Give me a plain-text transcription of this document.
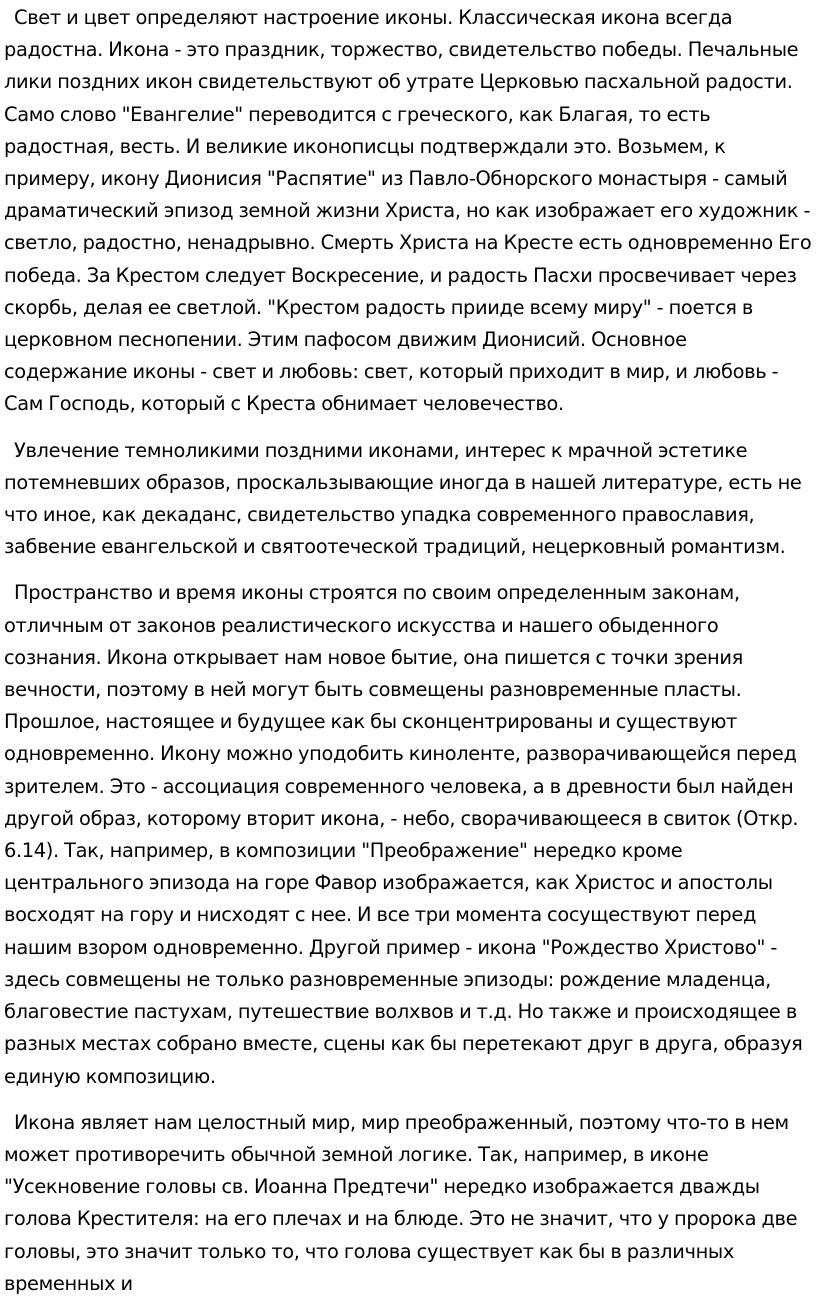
Свет и цвет определяют настроение иконы. Классическая икона всегда радостна. Икона - это праздник, торжество, свидетельство победы. Печальные лики поздних икон свидетельствуют об утрате Церковью пасхальной радости. Само слово "Евангелие" переводится с греческого, как Благая, то есть радостная, весть. И великие иконописцы подтверждали это. Возьмем, к примеру, икону Дионисия "Распятие" из Павло-Обнорского монастыря - самый драматический эпизод земной жизни Христа, но как изображает его художник - светло, радостно, ненадрывно. Смерть Христа на Кресте есть одновременно Его победа. За Крестом следует Воскресение, и радость Пасхи просвечивает через скорбь, делая ее светлой. "Крестом радость прииде всему миру" - поется в церковном песнопении. Этим пафосом движим Дионисий. Основное содержание иконы - свет и любовь: свет, который приходит в мир, и любовь - Сам Господь, который с Креста обнимает человечество.

Увлечение темноликими поздними иконами, интерес к мрачной эстетике потемневших образов, проскальзывающие иногда в нашей литературе, есть не что иное, как декаданс, свидетельство упадка современного православия, забвение евангельской и святоотеческой традиций, нецерковный романтизм.

Пространство и время иконы строятся по своим определенным законам, отличным от законов реалистического искусства и нашего обыденного сознания. Икона открывает нам новое бытие, она пишется с точки зрения вечности, поэтому в ней могут быть совмещены разновременные пласты. Прошлое, настоящее и будущее как бы сконцентрированы и существуют одновременно. Икону можно уподобить киноленте, разворачивающейся перед зрителем. Это - ассоциация современного человека, а в древности был найден другой образ, которому вторит икона, - небо, сворачивающееся в свиток (Откр. 6.14). Так, например, в композиции "Преображение" нередко кроме центрального эпизода на горе Фавор изображается, как Христос и апостолы восходят на гору и нисходят с нее. И все три момента сосуществуют перед нашим взором одновременно. Другой пример - икона "Рождество Христово" - здесь совмещены не только разновременные эпизоды: рождение младенца, благовестие пастухам, путешествие волхвов и т.д. Но также и происходящее в разных местах собрано вместе, сцены как бы перетекают друг в друга, образуя единую композицию.

Икона являет нам целостный мир, мир преображенный, поэтому что-то в нем может противоречить обычной земной логике. Так, например, в иконе "Усекновение головы св. Иоанна Предтечи" нередко изображается дважды голова Крестителя: на его плечах и на блюде. Это не значит, что у пророка две головы, это значит только то, что голова существует как бы в различных временных и
